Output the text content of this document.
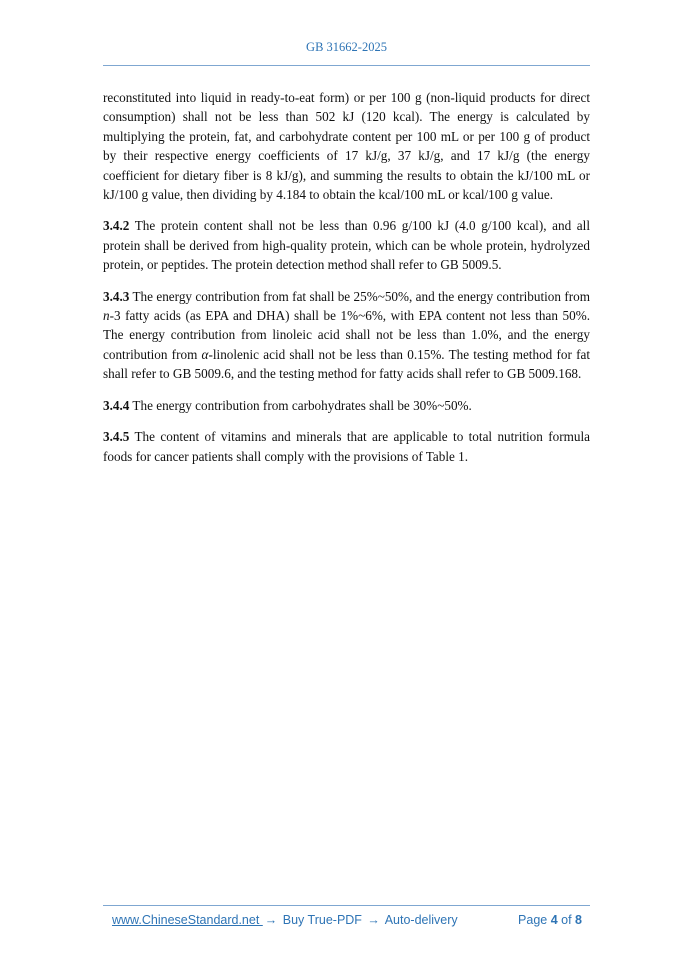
GB 31662-2025

reconstituted into liquid in ready-to-eat form) or per 100 g (non-liquid products for direct consumption) shall not be less than 502 kJ (120 kcal). The energy is calculated by multiplying the protein, fat, and carbohydrate content per 100 mL or per 100 g of product by their respective energy coefficients of 17 kJ/g, 37 kJ/g, and 17 kJ/g (the energy coefficient for dietary fiber is 8 kJ/g), and summing the results to obtain the kJ/100 mL or kJ/100 g value, then dividing by 4.184 to obtain the kcal/100 mL or kcal/100 g value.

3.4.2 The protein content shall not be less than 0.96 g/100 kJ (4.0 g/100 kcal), and all protein shall be derived from high-quality protein, which can be whole protein, hydrolyzed protein, or peptides. The protein detection method shall refer to GB 5009.5.

3.4.3 The energy contribution from fat shall be 25%~50%, and the energy contribution from n-3 fatty acids (as EPA and DHA) shall be 1%~6%, with EPA content not less than 50%. The energy contribution from linoleic acid shall not be less than 1.0%, and the energy contribution from α-linolenic acid shall not be less than 0.15%. The testing method for fat shall refer to GB 5009.6, and the testing method for fatty acids shall refer to GB 5009.168.

3.4.4 The energy contribution from carbohydrates shall be 30%~50%.

3.4.5 The content of vitamins and minerals that are applicable to total nutrition formula foods for cancer patients shall comply with the provisions of Table 1.

www.ChineseStandard.net → Buy True-PDF → Auto-delivery	Page 4 of 8
